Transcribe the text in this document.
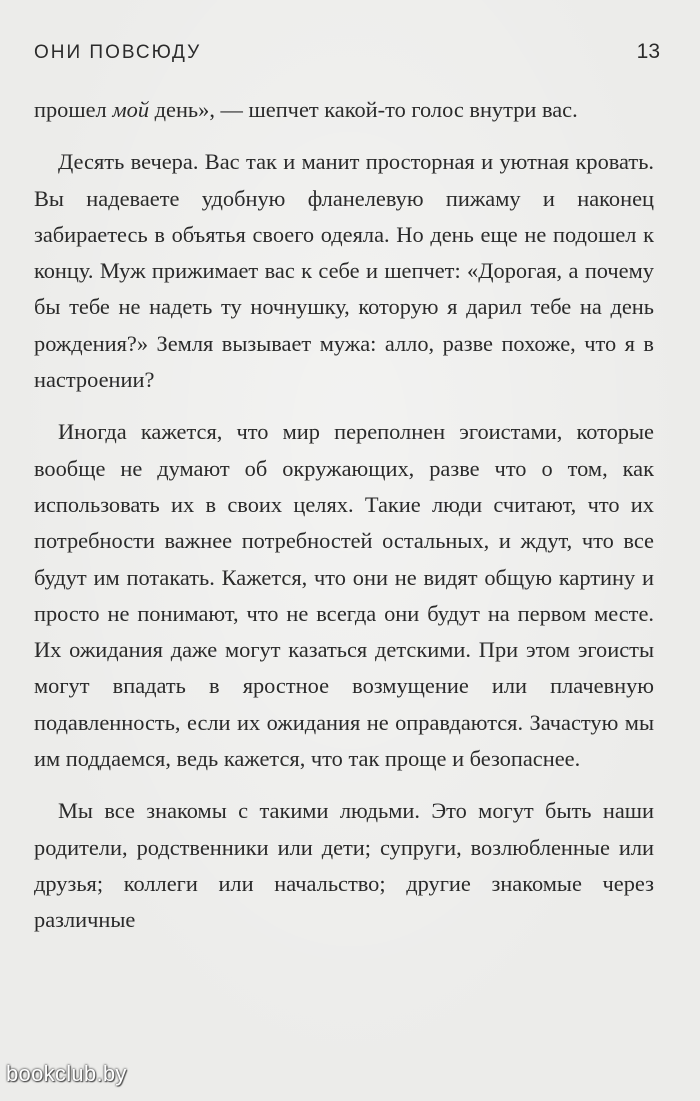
ОНИ ПОВСЮДУ	13

прошел мой день», — шепчет какой-то голос внутри вас.

Десять вечера. Вас так и манит просторная и уютная кровать. Вы надеваете удобную фланелевую пижаму и наконец забираетесь в объятья своего одеяла. Но день еще не подошел к концу. Муж прижимает вас к себе и шепчет: «Дорогая, а почему бы тебе не надеть ту ночнушку, которую я дарил тебе на день рождения?» Земля вызывает мужа: алло, разве похоже, что я в настроении?

Иногда кажется, что мир переполнен эгоистами, которые вообще не думают об окружающих, разве что о том, как использовать их в своих целях. Такие люди считают, что их потребности важнее потребностей остальных, и ждут, что все будут им потакать. Кажется, что они не видят общую картину и просто не понимают, что не всегда они будут на первом месте. Их ожидания даже могут казаться детскими. При этом эгоисты могут впадать в яростное возмущение или плачевную подавленность, если их ожидания не оправдаются. Зачастую мы им поддаемся, ведь кажется, что так проще и безопаснее.

Мы все знакомы с такими людьми. Это могут быть наши родители, родственники или дети; супруги, возлюбленные или друзья; коллеги или начальство; другие знакомые через различные

bookclub.by
